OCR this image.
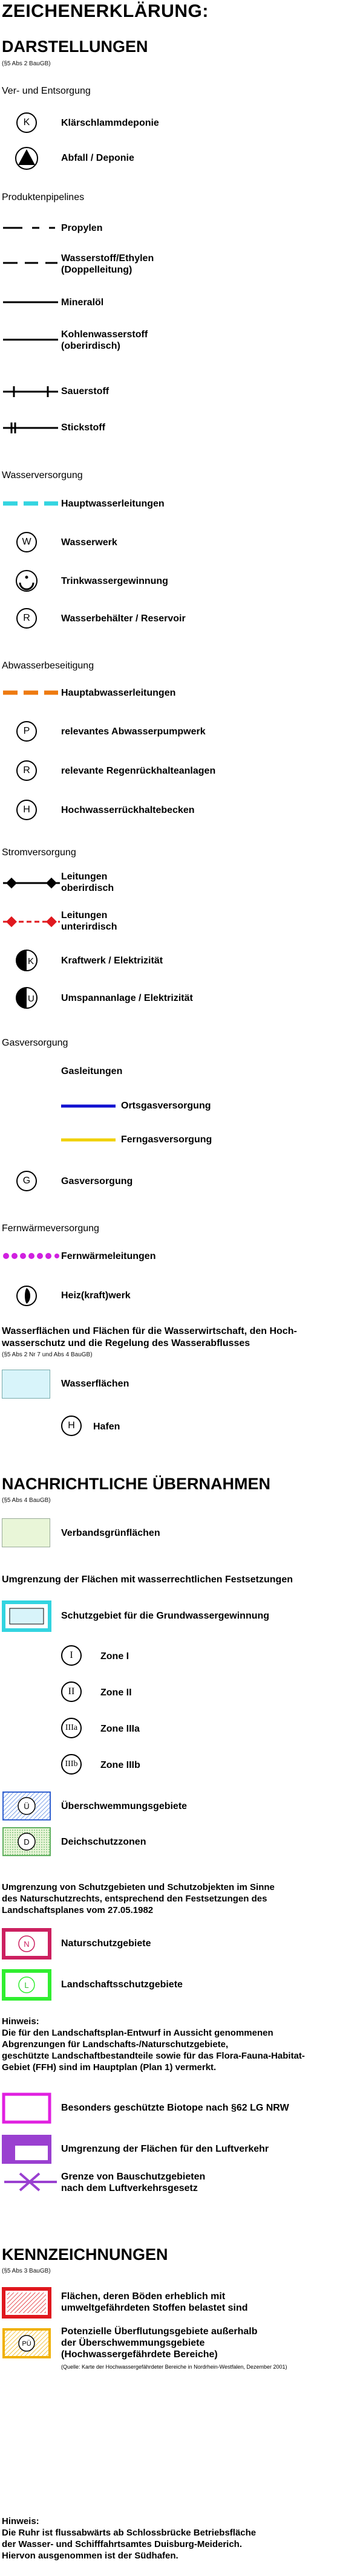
ZEICHENERKLÄRUNG:
DARSTELLUNGEN
(§5 Abs 2 BauGB)
Ver- und Entsorgung
K	Klärschlammdeponie
Abfall / Deponie
Produktenpipelines
Propylen
Wasserstoff/Ethylen
(Doppelleitung)
Mineralöl
Kohlenwasserstoff
(oberirdisch)
Sauerstoff
Stickstoff
Wasserversorgung
Hauptwasserleitungen
W	Wasserwerk
Trinkwassergewinnung
R	Wasserbehälter / Reservoir
Abwasserbeseitigung
Hauptabwasserleitungen
P	relevantes Abwasserpumpwerk
R	relevante Regenrückhalteanlagen
H	Hochwasserrückhaltebecken
Stromversorgung
Leitungen
oberirdisch
Leitungen
unterirdisch
K	Kraftwerk / Elektrizität
U	Umspannanlage / Elektrizität
Gasversorgung
Gasleitungen
Ortsgasversorgung
Ferngasversorgung
G	Gasversorgung
Fernwärmeversorgung
Fernwärmeleitungen
Heiz(kraft)werk
Wasserflächen und Flächen für die Wasserwirtschaft, den Hoch-
wasserschutz und die Regelung des Wasserabflusses
(§5 Abs 2 Nr 7 und Abs 4 BauGB)
Wasserflächen
H	Hafen
NACHRICHTLICHE ÜBERNAHMEN
(§5 Abs 4 BauGB)
Verbandsgrünflächen
Umgrenzung der Flächen mit wasserrechtlichen Festsetzungen
Schutzgebiet für die Grundwassergewinnung
I	Zone I
II	Zone II
IIIa	Zone IIIa
IIIb	Zone IIIb
Ü	Überschwemmungsgebiete
D	Deichschutzzonen
Umgrenzung von Schutzgebieten und Schutzobjekten im Sinne
des Naturschutzrechts, entsprechend den Festsetzungen des
Landschaftsplanes vom 27.05.1982
N	Naturschutzgebiete
L	Landschaftsschutzgebiete
Hinweis:
Die für den Landschaftsplan-Entwurf in Aussicht genommenen
Abgrenzungen für Landschafts-/Naturschutzgebiete,
geschützte Landschaftbestandteile sowie für das Flora-Fauna-Habitat-
Gebiet (FFH) sind im Hauptplan (Plan 1) vermerkt.
Besonders geschützte Biotope nach §62 LG NRW
Umgrenzung der Flächen für den Luftverkehr
Grenze von Bauschutzgebieten
nach dem Luftverkehrsgesetz
KENNZEICHNUNGEN
(§5 Abs 3 BauGB)
Flächen, deren Böden erheblich mit
umweltgefährdeten Stoffen belastet sind
PÜ
Potenzielle Überflutungsgebiete außerhalb
der Überschwemmungsgebiete
(Hochwassergefährdete Bereiche)
(Quelle: Karte der Hochwassergefährdeter Bereiche in Nordrhein-Westfalen, Dezember 2001)
Hinweis:
Die Ruhr ist flussabwärts ab Schlossbrücke Betriebsfläche
der Wasser- und Schifffahrtsamtes Duisburg-Meiderich.
Hiervon ausgenommen ist der Südhafen.
